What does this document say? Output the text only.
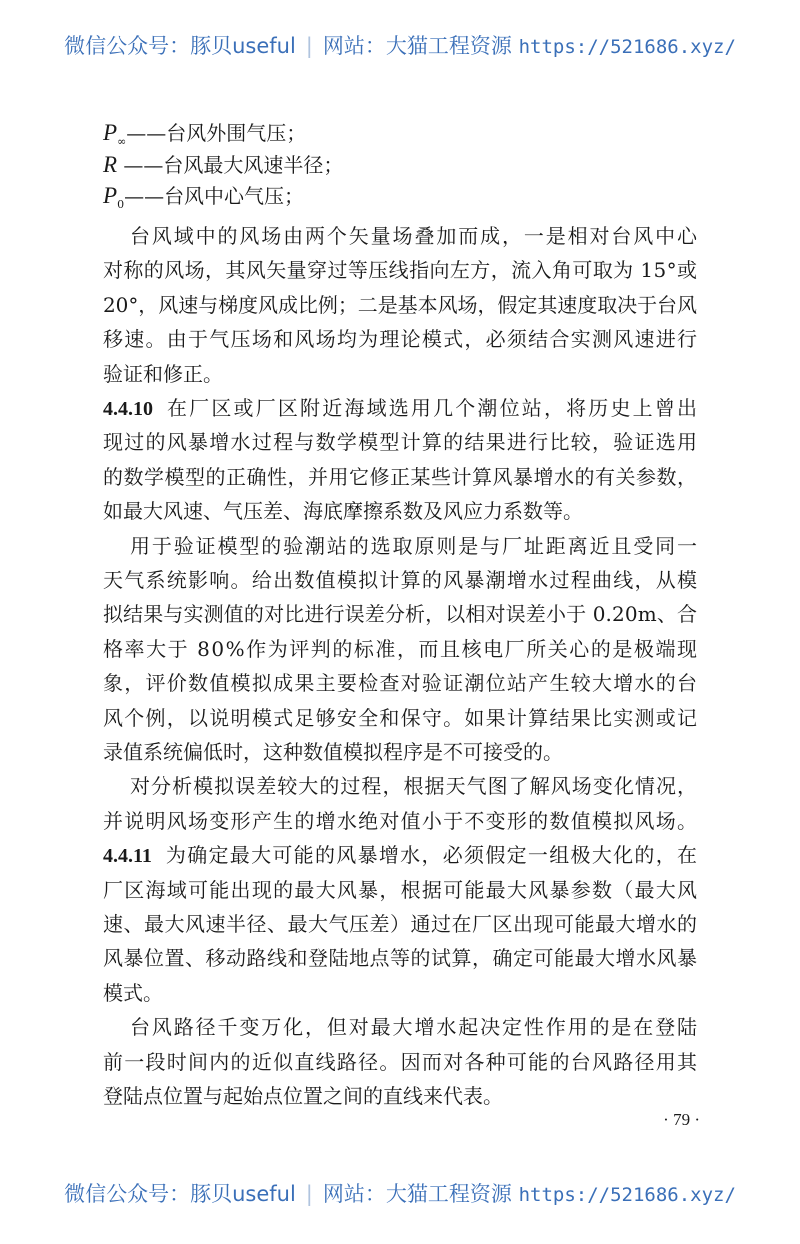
微信公众号：豚贝useful | 网站：大猫工程资源 https://521686.xyz/
$P_\infty——$台风外围气压；
R ——台风最大风速半径；
$P_0——$台风中心气压；
台风域中的风场由两个矢量场叠加而成，一是相对台风中心
对称的风场，其风矢量穿过等压线指向左方，流入角可取为 15°或
20°，风速与梯度风成比例；二是基本风场，假定其速度取决于台风
移速。由于气压场和风场均为理论模式，必须结合实测风速进行
验证和修正。
4.4.10 在厂区或厂区附近海域选用几个潮位站，将历史上曾出
现过的风暴增水过程与数学模型计算的结果进行比较，验证选用
的数学模型的正确性，并用它修正某些计算风暴增水的有关参数，
如最大风速、气压差、海底摩擦系数及风应力系数等。
用于验证模型的验潮站的选取原则是与厂址距离近且受同一
天气系统影响。给出数值模拟计算的风暴潮增水过程曲线，从模
拟结果与实测值的对比进行误差分析，以相对误差小于 0.20m、合
格率大于 80%作为评判的标准，而且核电厂所关心的是极端现
象，评价数值模拟成果主要检查对验证潮位站产生较大增水的台
风个例，以说明模式足够安全和保守。如果计算结果比实测或记
录值系统偏低时，这种数值模拟程序是不可接受的。
对分析模拟误差较大的过程，根据天气图了解风场变化情况，
并说明风场变形产生的增水绝对值小于不变形的数值模拟风场。
4.4.11 为确定最大可能的风暴增水，必须假定一组极大化的，在
厂区海域可能出现的最大风暴，根据可能最大风暴参数（最大风
速、最大风速半径、最大气压差）通过在厂区出现可能最大增水的
风暴位置、移动路线和登陆地点等的试算，确定可能最大增水风暴
模式。
台风路径千变万化，但对最大增水起决定性作用的是在登陆
前一段时间内的近似直线路径。因而对各种可能的台风路径用其
登陆点位置与起始点位置之间的直线来代表。
· 79 ·
微信公众号：豚贝useful | 网站：大猫工程资源 https://521686.xyz/
